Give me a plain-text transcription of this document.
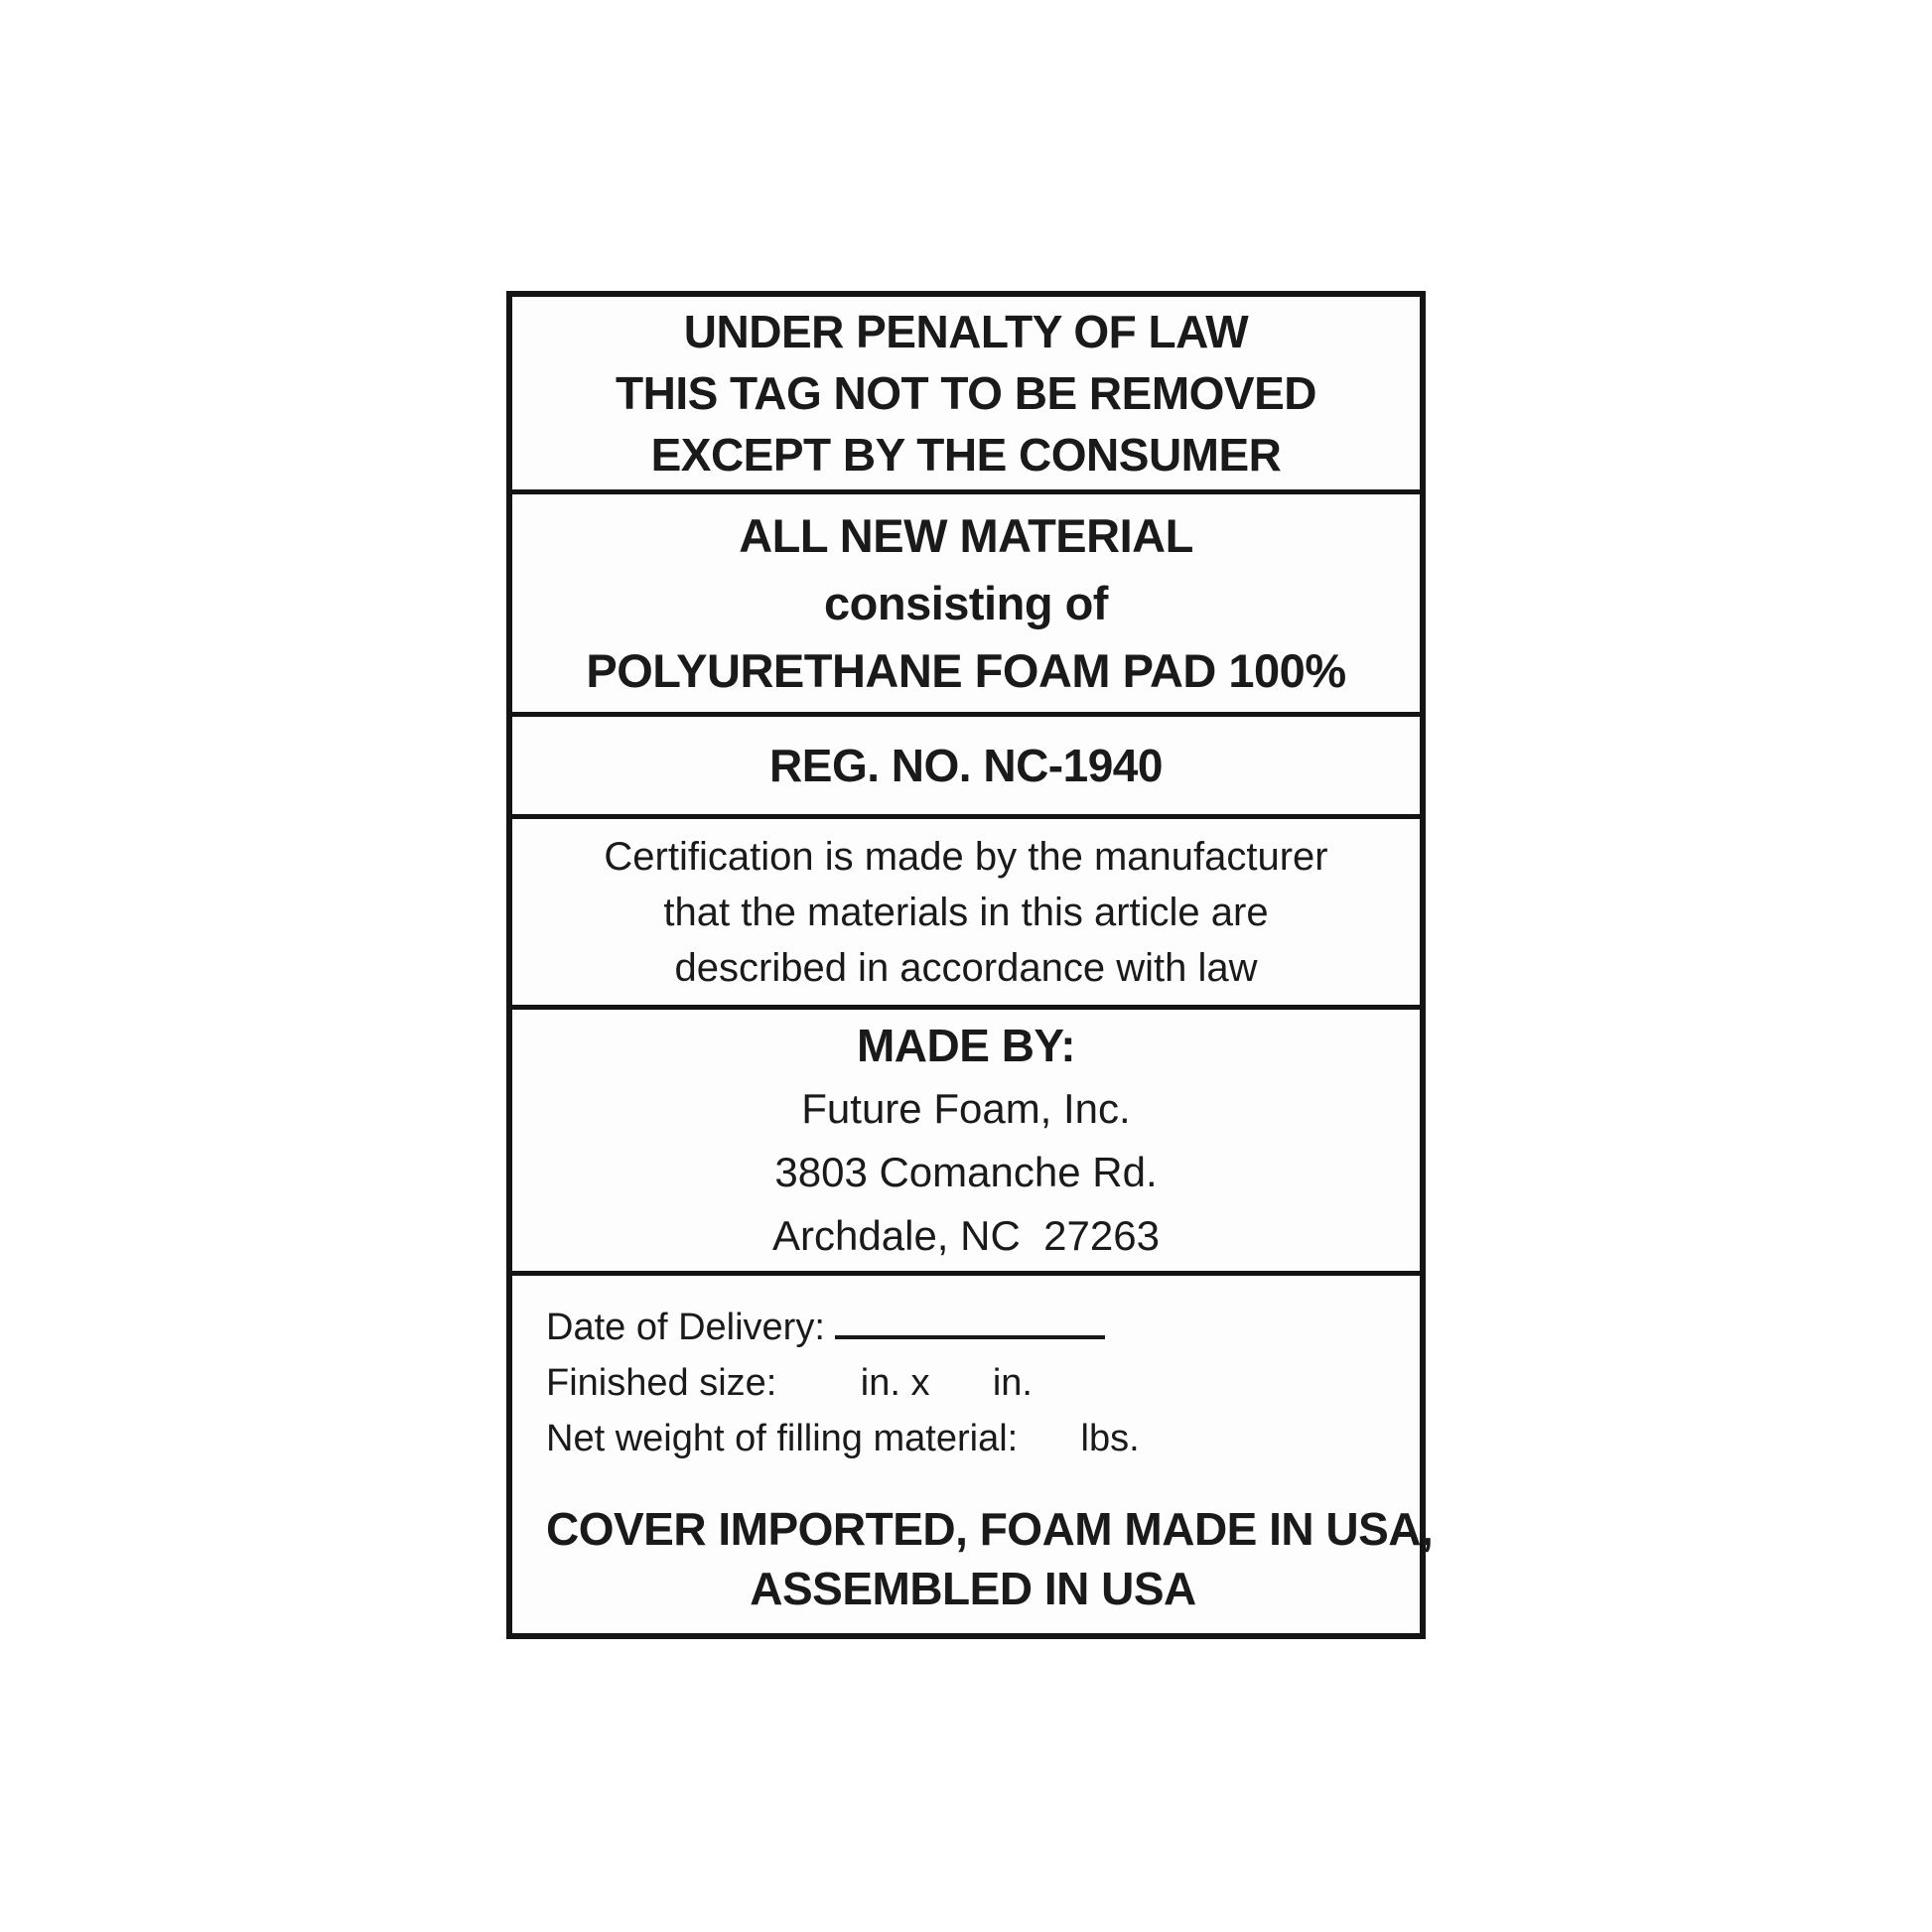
UNDER PENALTY OF LAW
THIS TAG NOT TO BE REMOVED
EXCEPT BY THE CONSUMER
ALL NEW MATERIAL
consisting of
POLYURETHANE FOAM PAD 100%
REG. NO. NC-1940
Certification is made by the manufacturer
that the materials in this article are
described in accordance with law
MADE BY:
Future Foam, Inc.
3803 Comanche Rd.
Archdale, NC  27263
Date of Delivery:
Finished size:        in. x      in.
Net weight of filling material:      lbs.
COVER IMPORTED, FOAM MADE IN USA,
ASSEMBLED IN USA
